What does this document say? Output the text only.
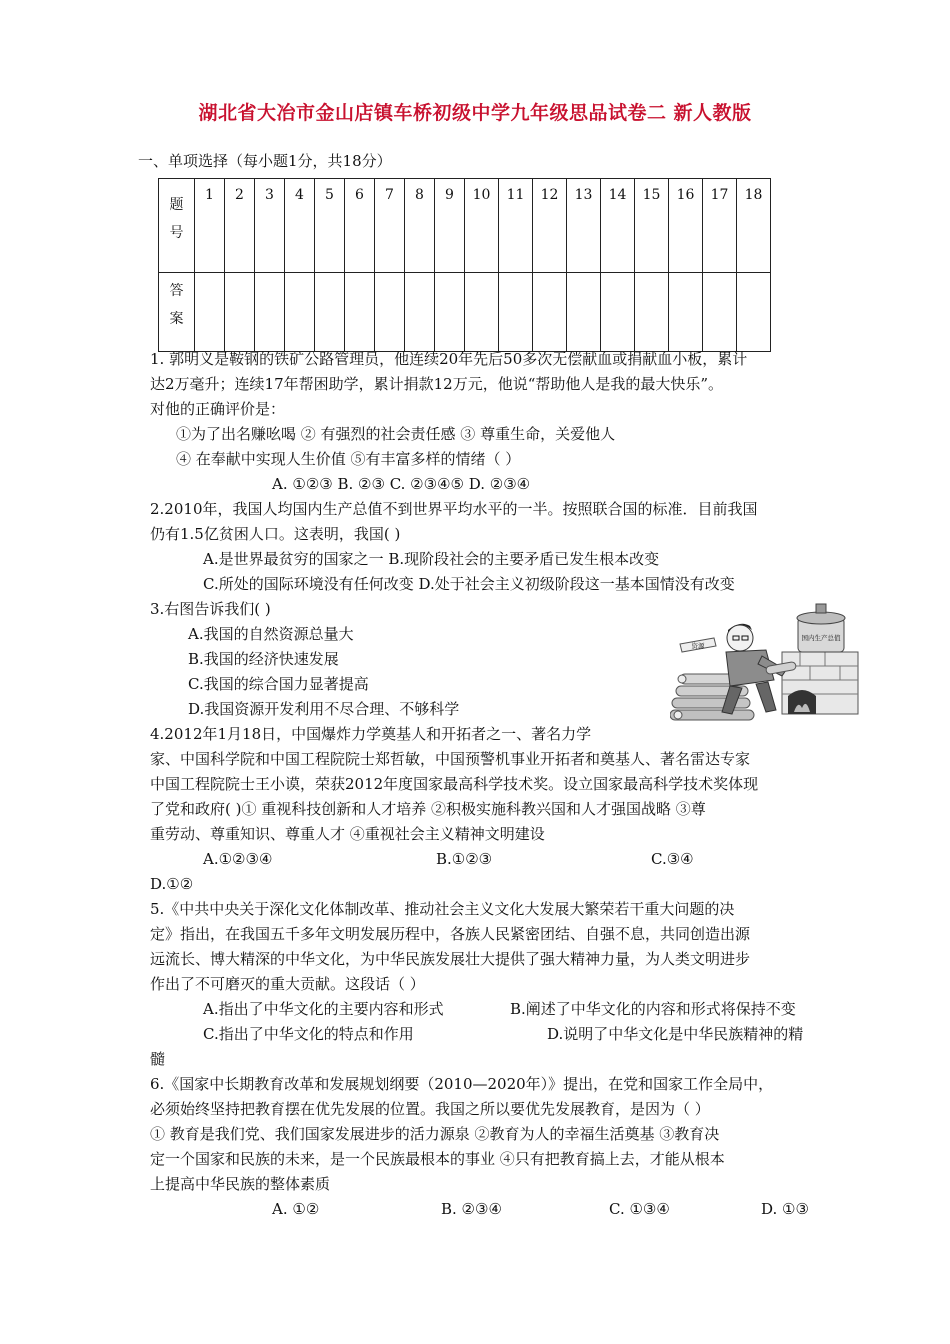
湖北省大冶市金山店镇车桥初级中学九年级思品试卷二 新人教版
一、单项选择（每小题1分，共18分）
题
号	1	2	3	4	5	6	7	8	9	10	11	12	13	14	15	16	17	18

答
案																		

1. 郭明义是鞍钢的铁矿公路管理员，他连续20年先后50多次无偿献血或捐献血小板，累计
达2万毫升；连续17年帮困助学，累计捐款12万元，他说“帮助他人是我的最大快乐”。
对他的正确评价是：
①为了出名赚吆喝 ② 有强烈的社会责任感 ③ 尊重生命，关爱他人
④ 在奉献中实现人生价值 ⑤有丰富多样的情绪（ ）
A. ①②③ B. ②③ C. ②③④⑤ D. ②③④
2.2010年，我国人均国内生产总值不到世界平均水平的一半。按照联合国的标准．目前我国
仍有1.5亿贫困人口。这表明，我国( )
A.是世界最贫穷的国家之一 B.现阶段社会的主要矛盾已发生根本改变
C.所处的国际环境没有任何改变 D.处于社会主义初级阶段这一基本国情没有改变
3.右图告诉我们( )
A.我国的自然资源总量大
B.我国的经济快速发展
C.我国的综合国力显著提高
D.我国资源开发利用不尽合理、不够科学
4.2012年1月18日，中国爆炸力学奠基人和开拓者之一、著名力学
家、中国科学院和中国工程院院士郑哲敏，中国预警机事业开拓者和奠基人、著名雷达专家
中国工程院院士王小谟，荣获2012年度国家最高科学技术奖。设立国家最高科学技术奖体现
了党和政府( )① 重视科技创新和人才培养 ②积极实施科教兴国和人才强国战略 ③尊
重劳动、尊重知识、尊重人才 ④重视社会主义精神文明建设
A.①②③④	B.①②③	C.③④
D.①②
5.《中共中央关于深化文化体制改革、推动社会主义文化大发展大繁荣若干重大问题的决
定》指出，在我国五千多年文明发展历程中，各族人民紧密团结、自强不息，共同创造出源
远流长、博大精深的中华文化，为中华民族发展壮大提供了强大精神力量，为人类文明进步
作出了不可磨灭的重大贡献。这段话（ ）
A.指出了中华文化的主要内容和形式	B.阐述了中华文化的内容和形式将保持不变
C.指出了中华文化的特点和作用	D.说明了中华文化是中华民族精神的精
髓
6.《国家中长期教育改革和发展规划纲要（2010—2020年）》提出，在党和国家工作全局中，
必须始终坚持把教育摆在优先发展的位置。我国之所以要优先发展教育，是因为（ ）
① 教育是我们党、我们国家发展进步的活力源泉 ②教育为人的幸福生活奠基 ③教育决
定一个国家和民族的未来，是一个民族最根本的事业 ④只有把教育搞上去，才能从根本
上提高中华民族的整体素质
A. ①②	B. ②③④	C. ①③④	D. ①③
国内生产总值
资源
